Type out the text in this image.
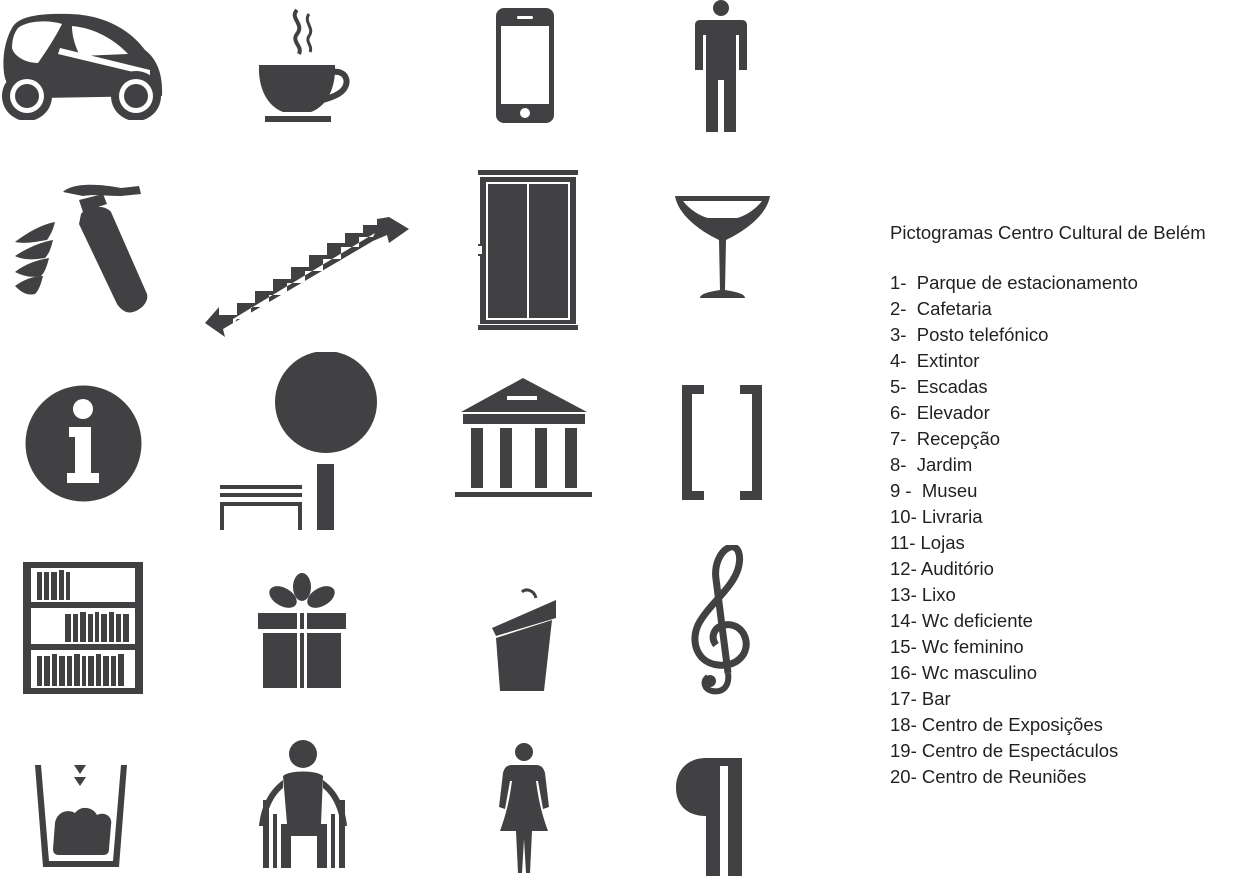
Pictogramas Centro Cultural de Belém
1-  Parque de estacionamento
2-  Cafetaria
3-  Posto telefónico
4-  Extintor
5-  Escadas
6-  Elevador
7-  Recepção
8-  Jardim
9 -  Museu
10- Livraria
11- Lojas
12- Auditório
13- Lixo
14- Wc deficiente
15- Wc feminino
16- Wc masculino
17- Bar
18- Centro de Exposições
19- Centro de Espectáculos
20- Centro de Reuniões
